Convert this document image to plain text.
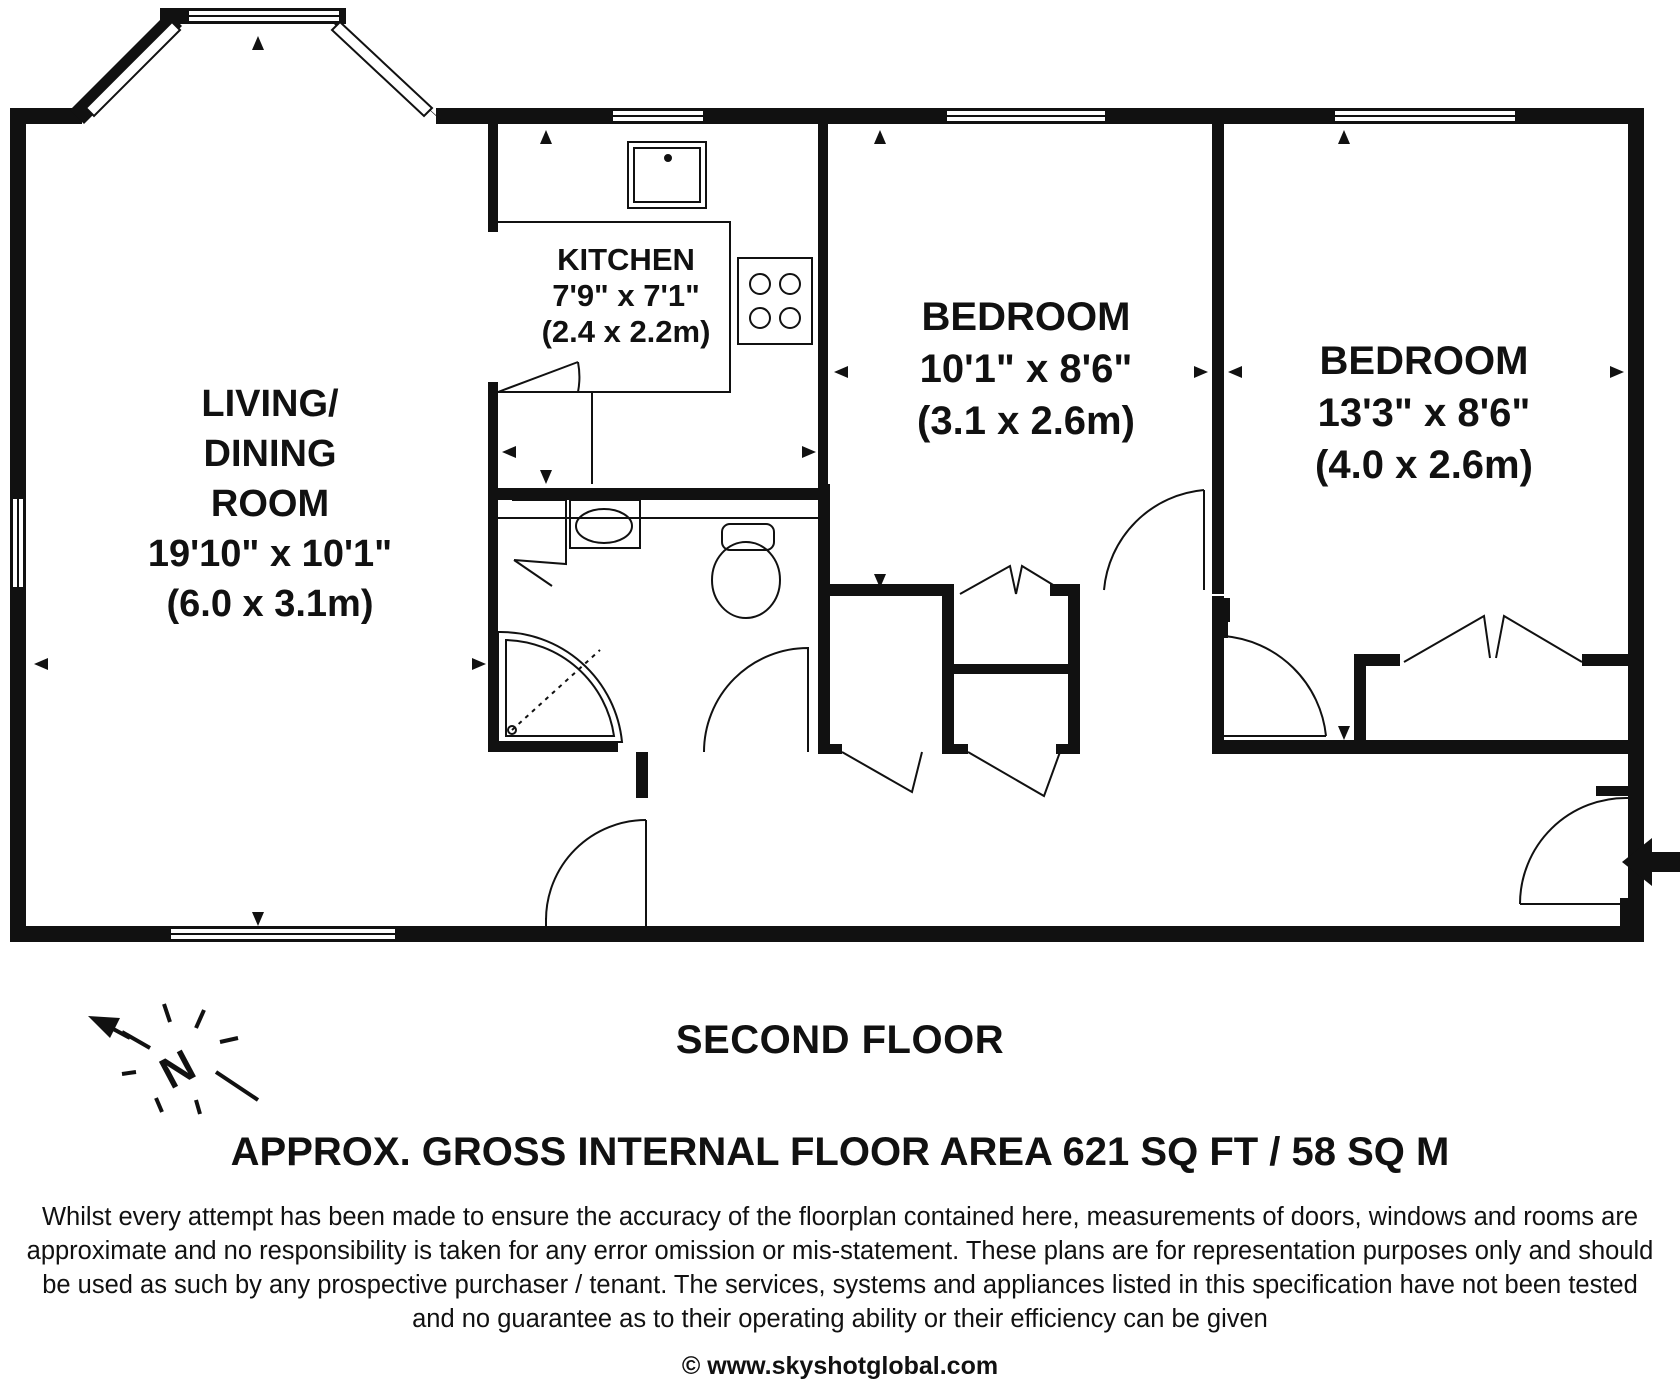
N
LIVING/
DINING
ROOM
19'10" x 10'1"
(6.0 x 3.1m)
KITCHEN
7'9" x 7'1"
(2.4 x 2.2m)	BEDROOM
10'1" x 8'6"
(3.1 x 2.6m)
BEDROOM
13'3" x 8'6"
(4.0 x 2.6m)
SECOND FLOOR
APPROX. GROSS INTERNAL FLOOR AREA 621 SQ FT / 58 SQ M
Whilst every attempt has been made to ensure the accuracy of the floorplan contained here, measurements of doors, windows and rooms are approximate and no responsibility is taken for any error omission or mis-statement. These plans are for representation purposes only and should be used as such by any prospective purchaser / tenant. The services, systems and appliances listed in this specification have not been tested and no guarantee as to their operating ability or their efficiency can be given
© www.skyshotglobal.com
